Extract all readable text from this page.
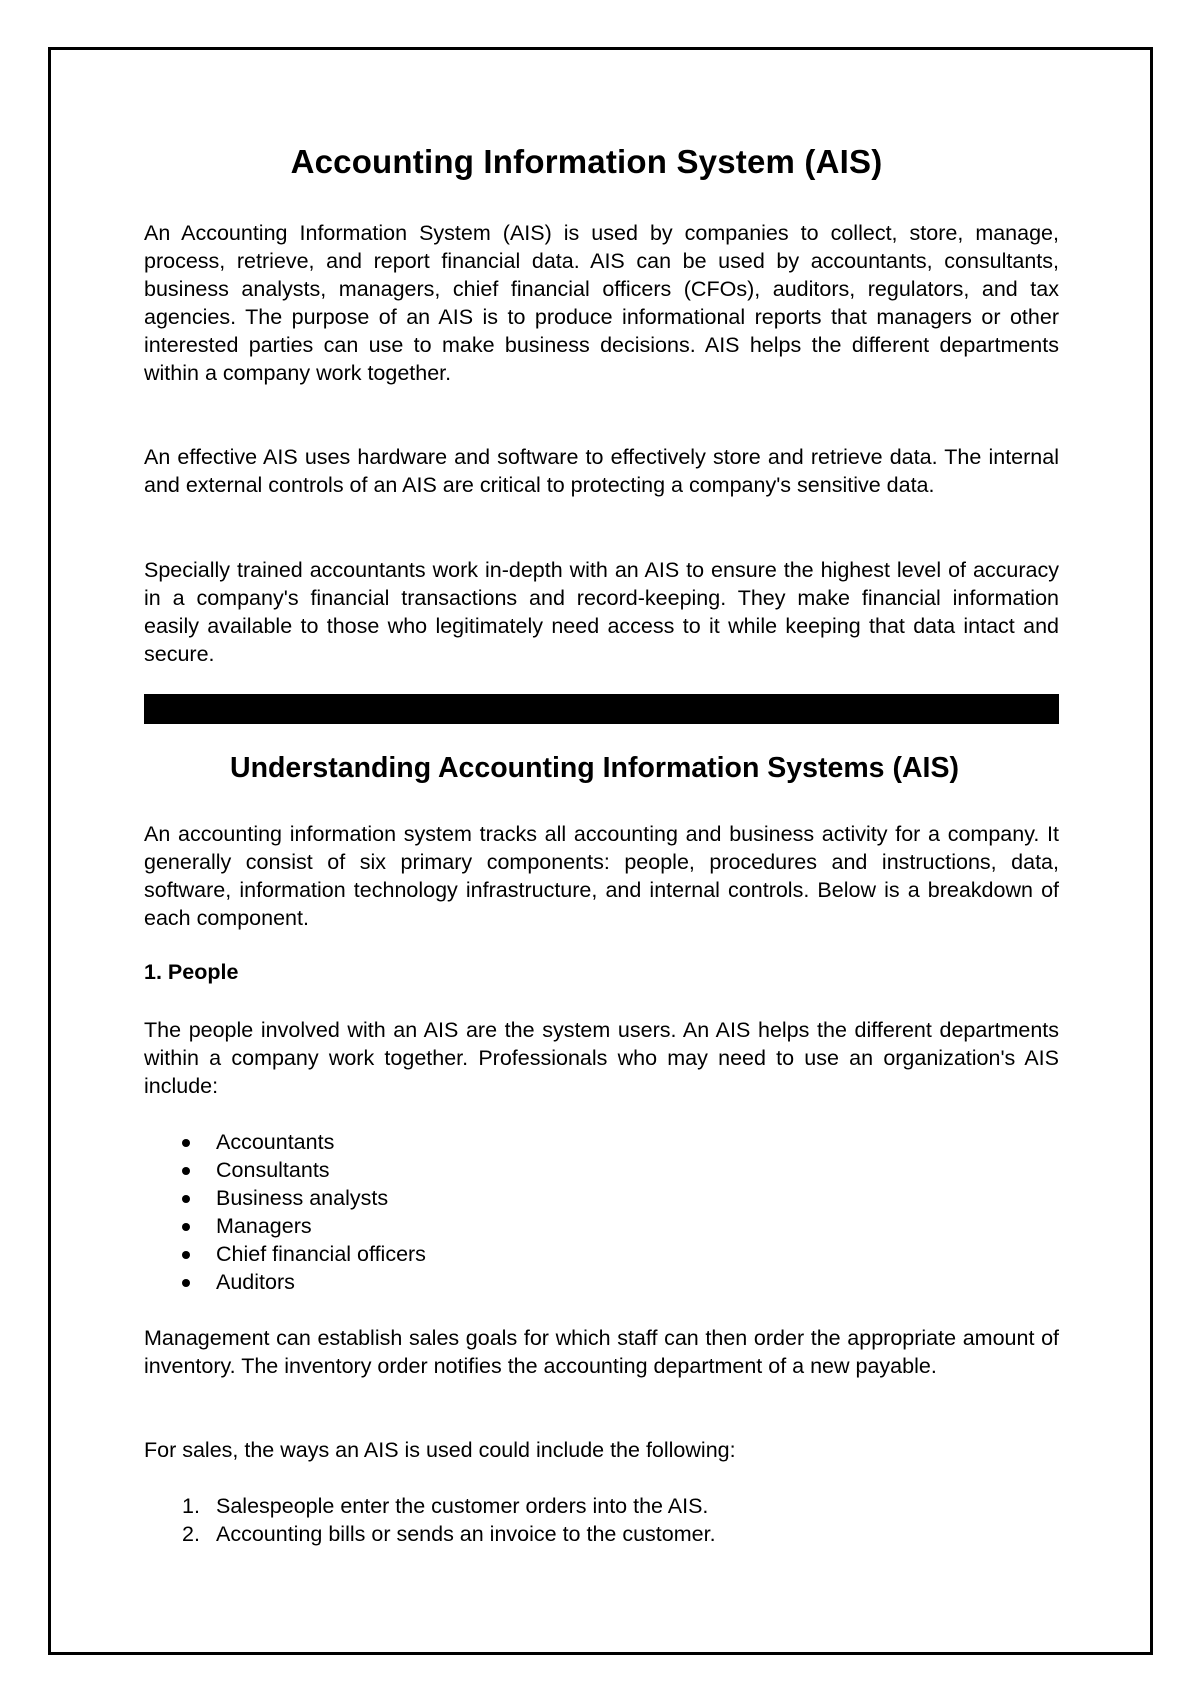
Accounting Information System (AIS)

An Accounting Information System (AIS) is used by companies to collect, store, manage, process, retrieve, and report financial data. AIS can be used by accountants, consultants, business analysts, managers, chief financial officers (CFOs), auditors, regulators, and tax agencies. The purpose of an AIS is to produce informational reports that managers or other interested parties can use to make business decisions. AIS helps the different departments within a company work together.

An effective AIS uses hardware and software to effectively store and retrieve data. The internal and external controls of an AIS are critical to protecting a company's sensitive data.

Specially trained accountants work in-depth with an AIS to ensure the highest level of accuracy in a company's financial transactions and record-keeping. They make financial information easily available to those who legitimately need access to it while keeping that data intact and secure.

Understanding Accounting Information Systems (AIS)

An accounting information system tracks all accounting and business activity for a company. It generally consist of six primary components: people, procedures and instructions, data, software, information technology infrastructure, and internal controls. Below is a breakdown of each component.

1. People

The people involved with an AIS are the system users. An AIS helps the different departments within a company work together. Professionals who may need to use an organization's AIS include:

Accountants
Consultants
Business analysts
Managers
Chief financial officers
Auditors

Management can establish sales goals for which staff can then order the appropriate amount of inventory. The inventory order notifies the accounting department of a new payable.

For sales, the ways an AIS is used could include the following:

1. Salespeople enter the customer orders into the AIS.
2. Accounting bills or sends an invoice to the customer.
